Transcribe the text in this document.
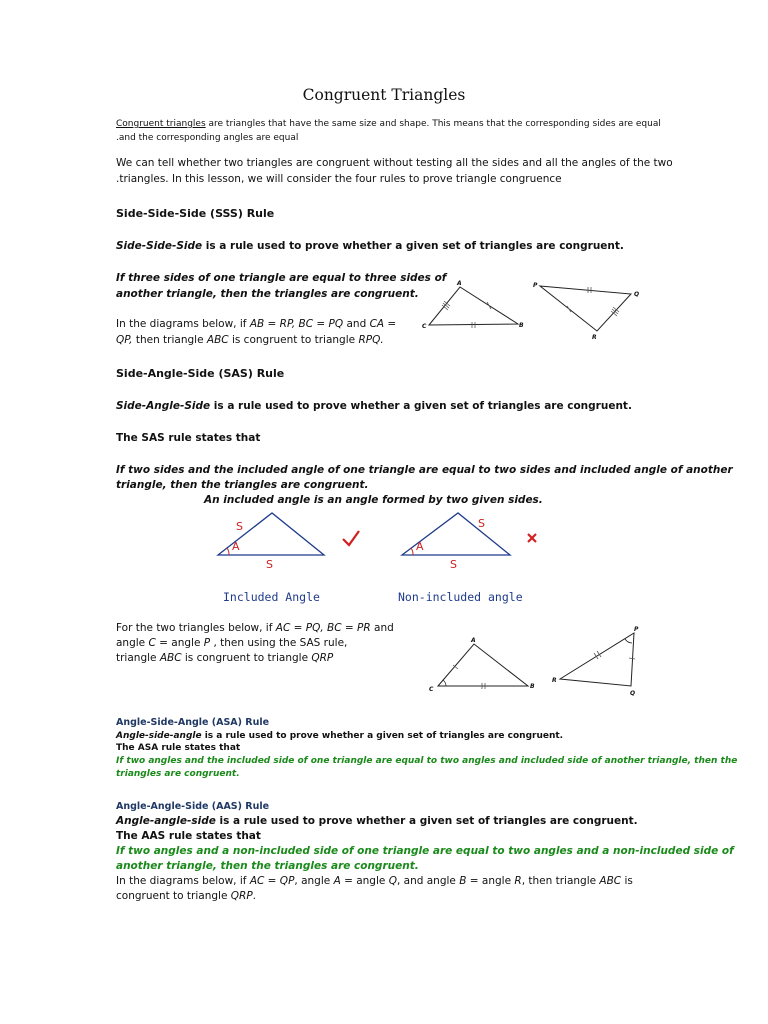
Congruent Triangles
Congruent triangles are triangles that have the same size and shape. This means that the corresponding sides are equal
.and the corresponding angles are equal
We can tell whether two triangles are congruent without testing all the sides and all the angles of the two
.triangles. In this lesson, we will consider the four rules to prove triangle congruence
Side-Side-Side (SSS) Rule
Side-Side-Side is a rule used to prove whether a given set of triangles are congruent.
If three sides of one triangle are equal to three sides of
another triangle, then the triangles are congruent.
In the diagrams below, if AB = RP, BC = PQ and CA =
QP, then triangle ABC is congruent to triangle RPQ.
A
B
C
P
Q
R
Side-Angle-Side (SAS) Rule
Side-Angle-Side is a rule used to prove whether a given set of triangles are congruent.
The SAS rule states that
If two sides and the included angle of one triangle are equal to two sides and included angle of another
triangle, then the triangles are congruent.
An included angle is an angle formed by two given sides.
S
A
S
S
A
S
Included Angle	Non-included angle
For the two triangles below, if AC = PQ, BC = PR and
angle C = angle P , then using the SAS rule,
triangle ABC is congruent to triangle QRP
A
B
C
P
Q
R
Angle-Side-Angle (ASA) Rule
Angle-side-angle is a rule used to prove whether a given set of triangles are congruent.
The ASA rule states that
If two angles and the included side of one triangle are equal to two angles and included side of another triangle, then the
triangles are congruent.
Angle-Angle-Side (AAS) Rule
Angle-angle-side is a rule used to prove whether a given set of triangles are congruent.
The AAS rule states that
If two angles and a non-included side of one triangle are equal to two angles and a non-included side of
another triangle, then the triangles are congruent.
In the diagrams below, if AC = QP, angle A = angle Q, and angle B = angle R, then triangle ABC is
congruent to triangle QRP.
